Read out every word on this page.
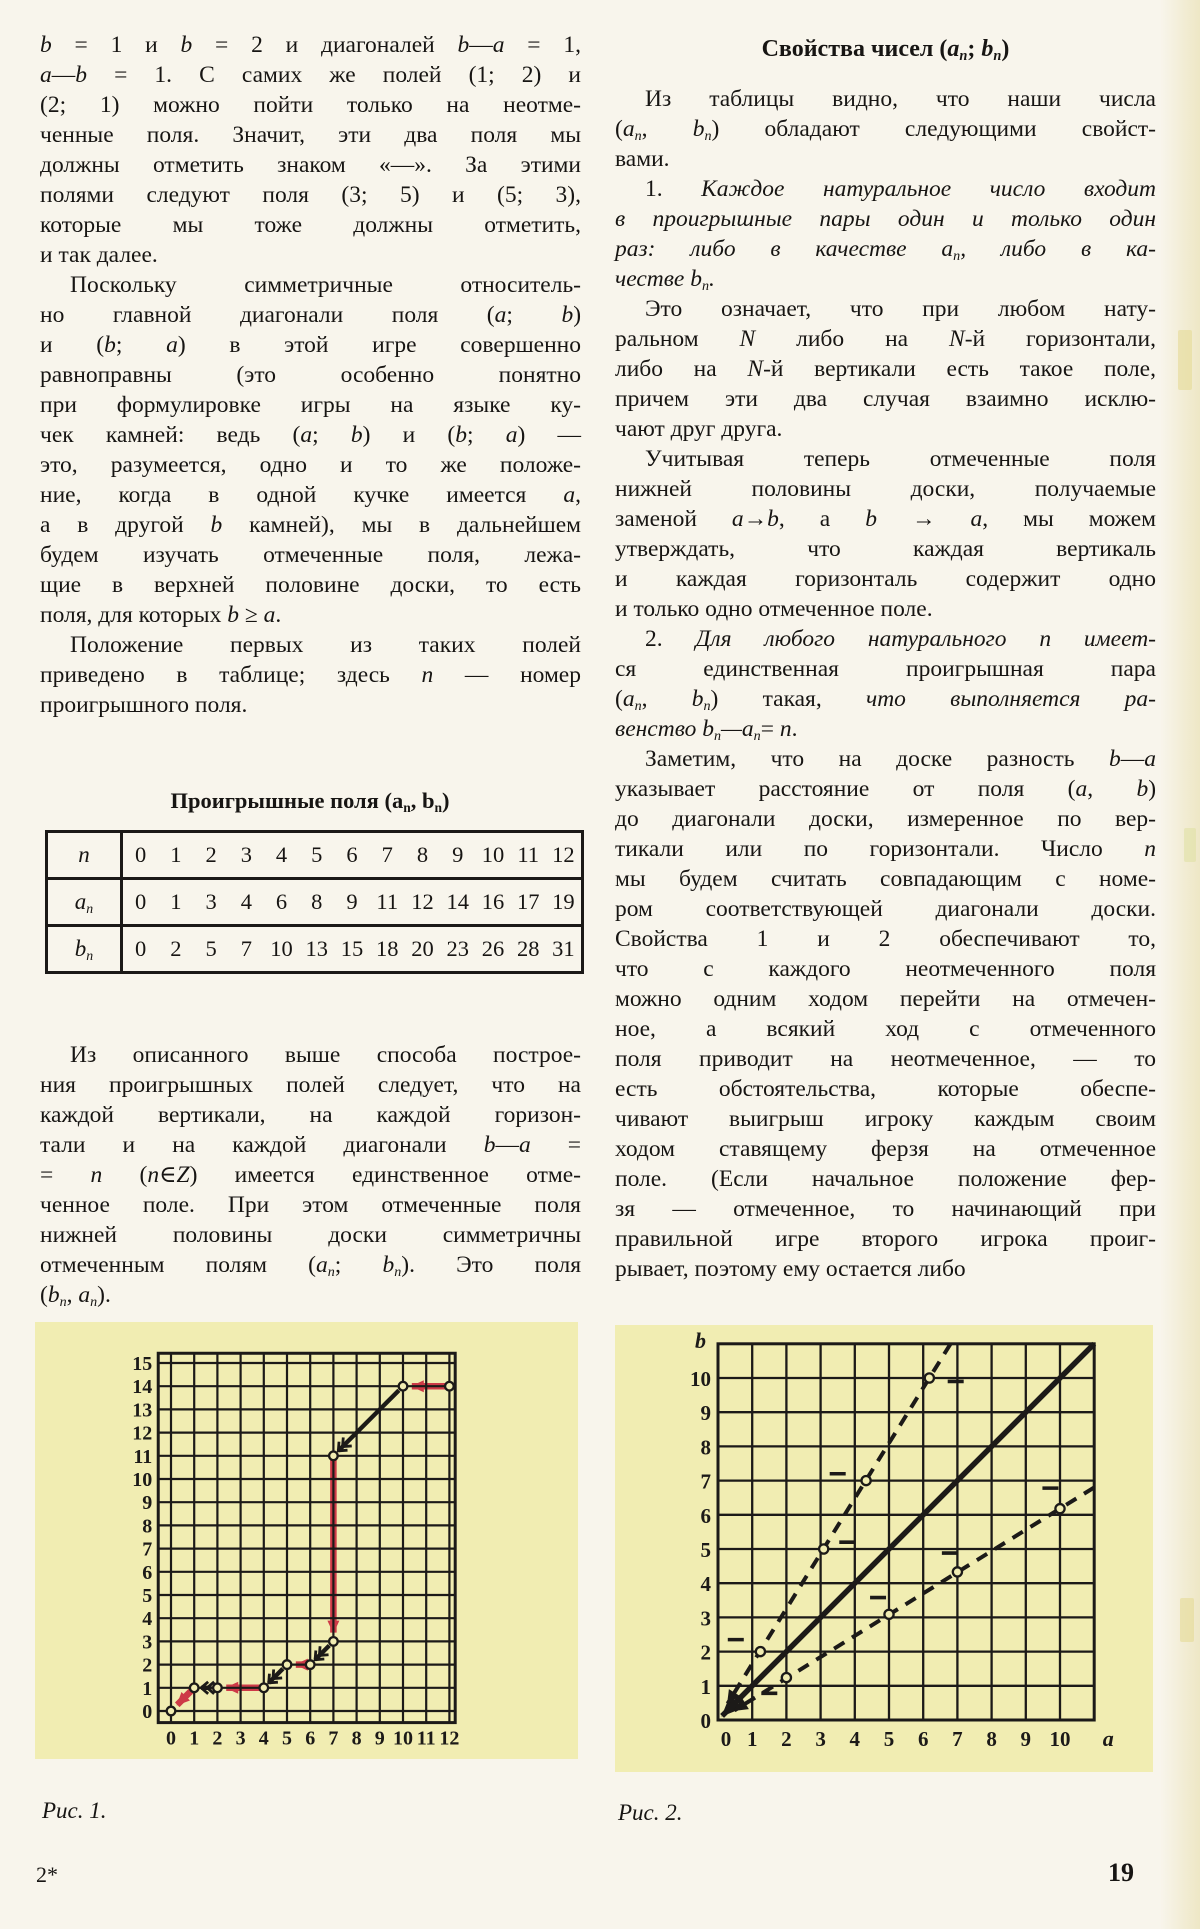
b = 1 и b = 2 и диагоналей b—a = 1,
a—b = 1. С самих же полей (1; 2) и
(2; 1) можно пойти только на неотме-
ченные поля. Значит, эти два поля мы
должны отметить знаком «—». За этими
полями следуют поля (3; 5) и (5; 3),
которые мы тоже должны отметить,
и так далее.
Поскольку симметричные относитель-
но главной диагонали поля (a; b)
и (b; a) в этой игре совершенно
равноправны (это особенно понятно
при формулировке игры на языке ку-
чек камней: ведь (a; b) и (b; a) —
это, разумеется, одно и то же положе-
ние, когда в одной кучке имеется a,
а в другой b камней), мы в дальнейшем
будем изучать отмеченные поля, лежа-
щие в верхней половине доски, то есть
поля, для которых b ≥ a.
Положение первых из таких полей
приведено в таблице; здесь n — номер
проигрышного поля.
Проигрышные поля ($a_n$, $b_n$)
n	0	1	2	3	4	5	6	7	8	9 10 11 12
$a_n$	0	1	3	4	6	8	9 11 12 14 16 17 19
$b_n$	0	2	5	7 10 13 15 18 20 23 26 28 31
Из описанного выше способа построе-
ния проигрышных полей следует, что на
каждой вертикали, на каждой горизон-
тали и на каждой диагонали b—a =
= n (n∈Z) имеется единственное отме-
ченное поле. При этом отмеченные поля
нижней половины доски симметричны
отмеченным полям ($a_n$; $b_n$). Это поля
($b_n$, $a_n$).
Свойства чисел ($a_n$; $b_n$)
Из таблицы видно, что наши числа
($a_n$, $b_n$) обладают следующими свойст-
вами.
1. Каждое натуральное число входит
в проигрышные пары один и только один
раз: либо в качестве $a_n$, либо в ка-
честве $b_n$.
Это означает, что при любом нату-
ральном N либо на N-й горизонтали,
либо на N-й вертикали есть такое поле,
причем эти два случая взаимно исклю-
чают друг друга.
Учитывая теперь отмеченные поля
нижней половины доски, получаемые
заменой a→b, а b → a, мы можем
утверждать, что каждая вертикаль
и каждая горизонталь содержит одно
и только одно отмеченное поле.
2. Для любого натурального n имеет-
ся единственная проигрышная пара
($a_n$, $b_n$) такая, что выполняется ра-
венство $b_n—a_n= n$.
Заметим, что на доске разность b—a
указывает расстояние от поля (a, b)
до диагонали доски, измеренное по вер-
тикали или по горизонтали. Число n
мы будем считать совпадающим с номе-
ром соответствующей диагонали доски.
Свойства 1 и 2 обеспечивают то,
что с каждого неотмеченного поля
можно одним ходом перейти на отмечен-
ное, а всякий ход с отмеченного
поля приводит на неотмеченное, — то
есть обстоятельства, которые обеспе-
чивают выигрыш игроку каждым своим
ходом ставящему ферзя на отмеченное
поле. (Если начальное положение фер-
зя — отмеченное, то начинающий при
правильной игре второго игрока проиг-
рывает, поэтому ему остается либо
0
1
2
3
4
5
6
7
8
9
10
11
12
13
14
15
0 1 2 3 4 5 6 7 8 9 10 11 12
Рис. 1.
0
1
2
3
4
5
6
7
8
9
10
0 1 2 3 4 5 6 7 8 9 10
b
a
Рис. 2.
2*	19
